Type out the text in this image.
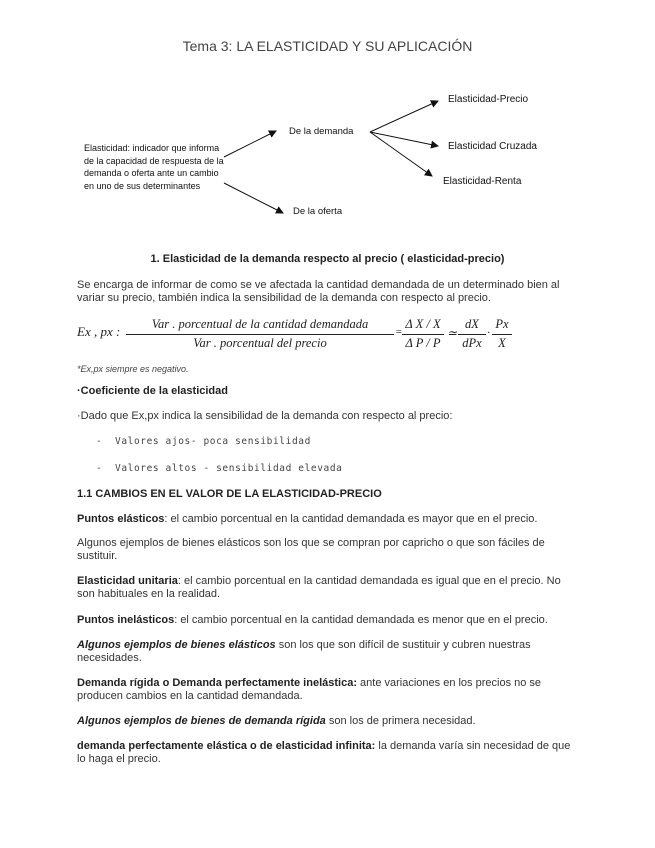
Tema 3: LA ELASTICIDAD Y SU APLICACIÓN
Elasticidad: indicador que informa de la capacidad de respuesta de la demanda o oferta ante un cambio en uno de sus determinantes
De la demanda
De la oferta
Elasticidad-Precio
Elasticidad Cruzada
Elasticidad-Renta
1. Elasticidad de la demanda respecto al precio ( elasticidad-precio)
Se encarga de informar de como se ve afectada la cantidad demandada de un determinado bien al variar su precio, también indica la sensibilidad de la demanda con respecto al precio.
Ex , px :	Var . porcentual de la cantidad demandada
Var . porcentual del precio
=
Δ X / X
Δ P / P
≃
dX
dPx
·
Px
X
*Ex,px siempre es negativo.
·Coeficiente de la elasticidad
·Dado que Ex,px indica la sensibilidad de la demanda con respecto al precio:
- Valores ajos- poca sensibilidad
- Valores altos - sensibilidad elevada
1.1 CAMBIOS EN EL VALOR DE LA ELASTICIDAD-PRECIO
Puntos elásticos: el cambio porcentual en la cantidad demandada es mayor que en el precio.
Algunos ejemplos de bienes elásticos son los que se compran por capricho o que son fáciles de sustituir.
Elasticidad unitaria: el cambio porcentual en la cantidad demandada es igual que en el precio. No son habituales en la realidad.
Puntos inelásticos: el cambio porcentual en la cantidad demandada es menor que en el precio.
Algunos ejemplos de bienes elásticos son los que son difícil de sustituir y cubren nuestras necesidades.
Demanda rígida o Demanda perfectamente inelástica: ante variaciones en los precios no se producen cambios en la cantidad demandada.
Algunos ejemplos de bienes de demanda rígida son los de primera necesidad.
demanda perfectamente elástica o de elasticidad infinita: la demanda varía sin necesidad de que lo haga el precio.
